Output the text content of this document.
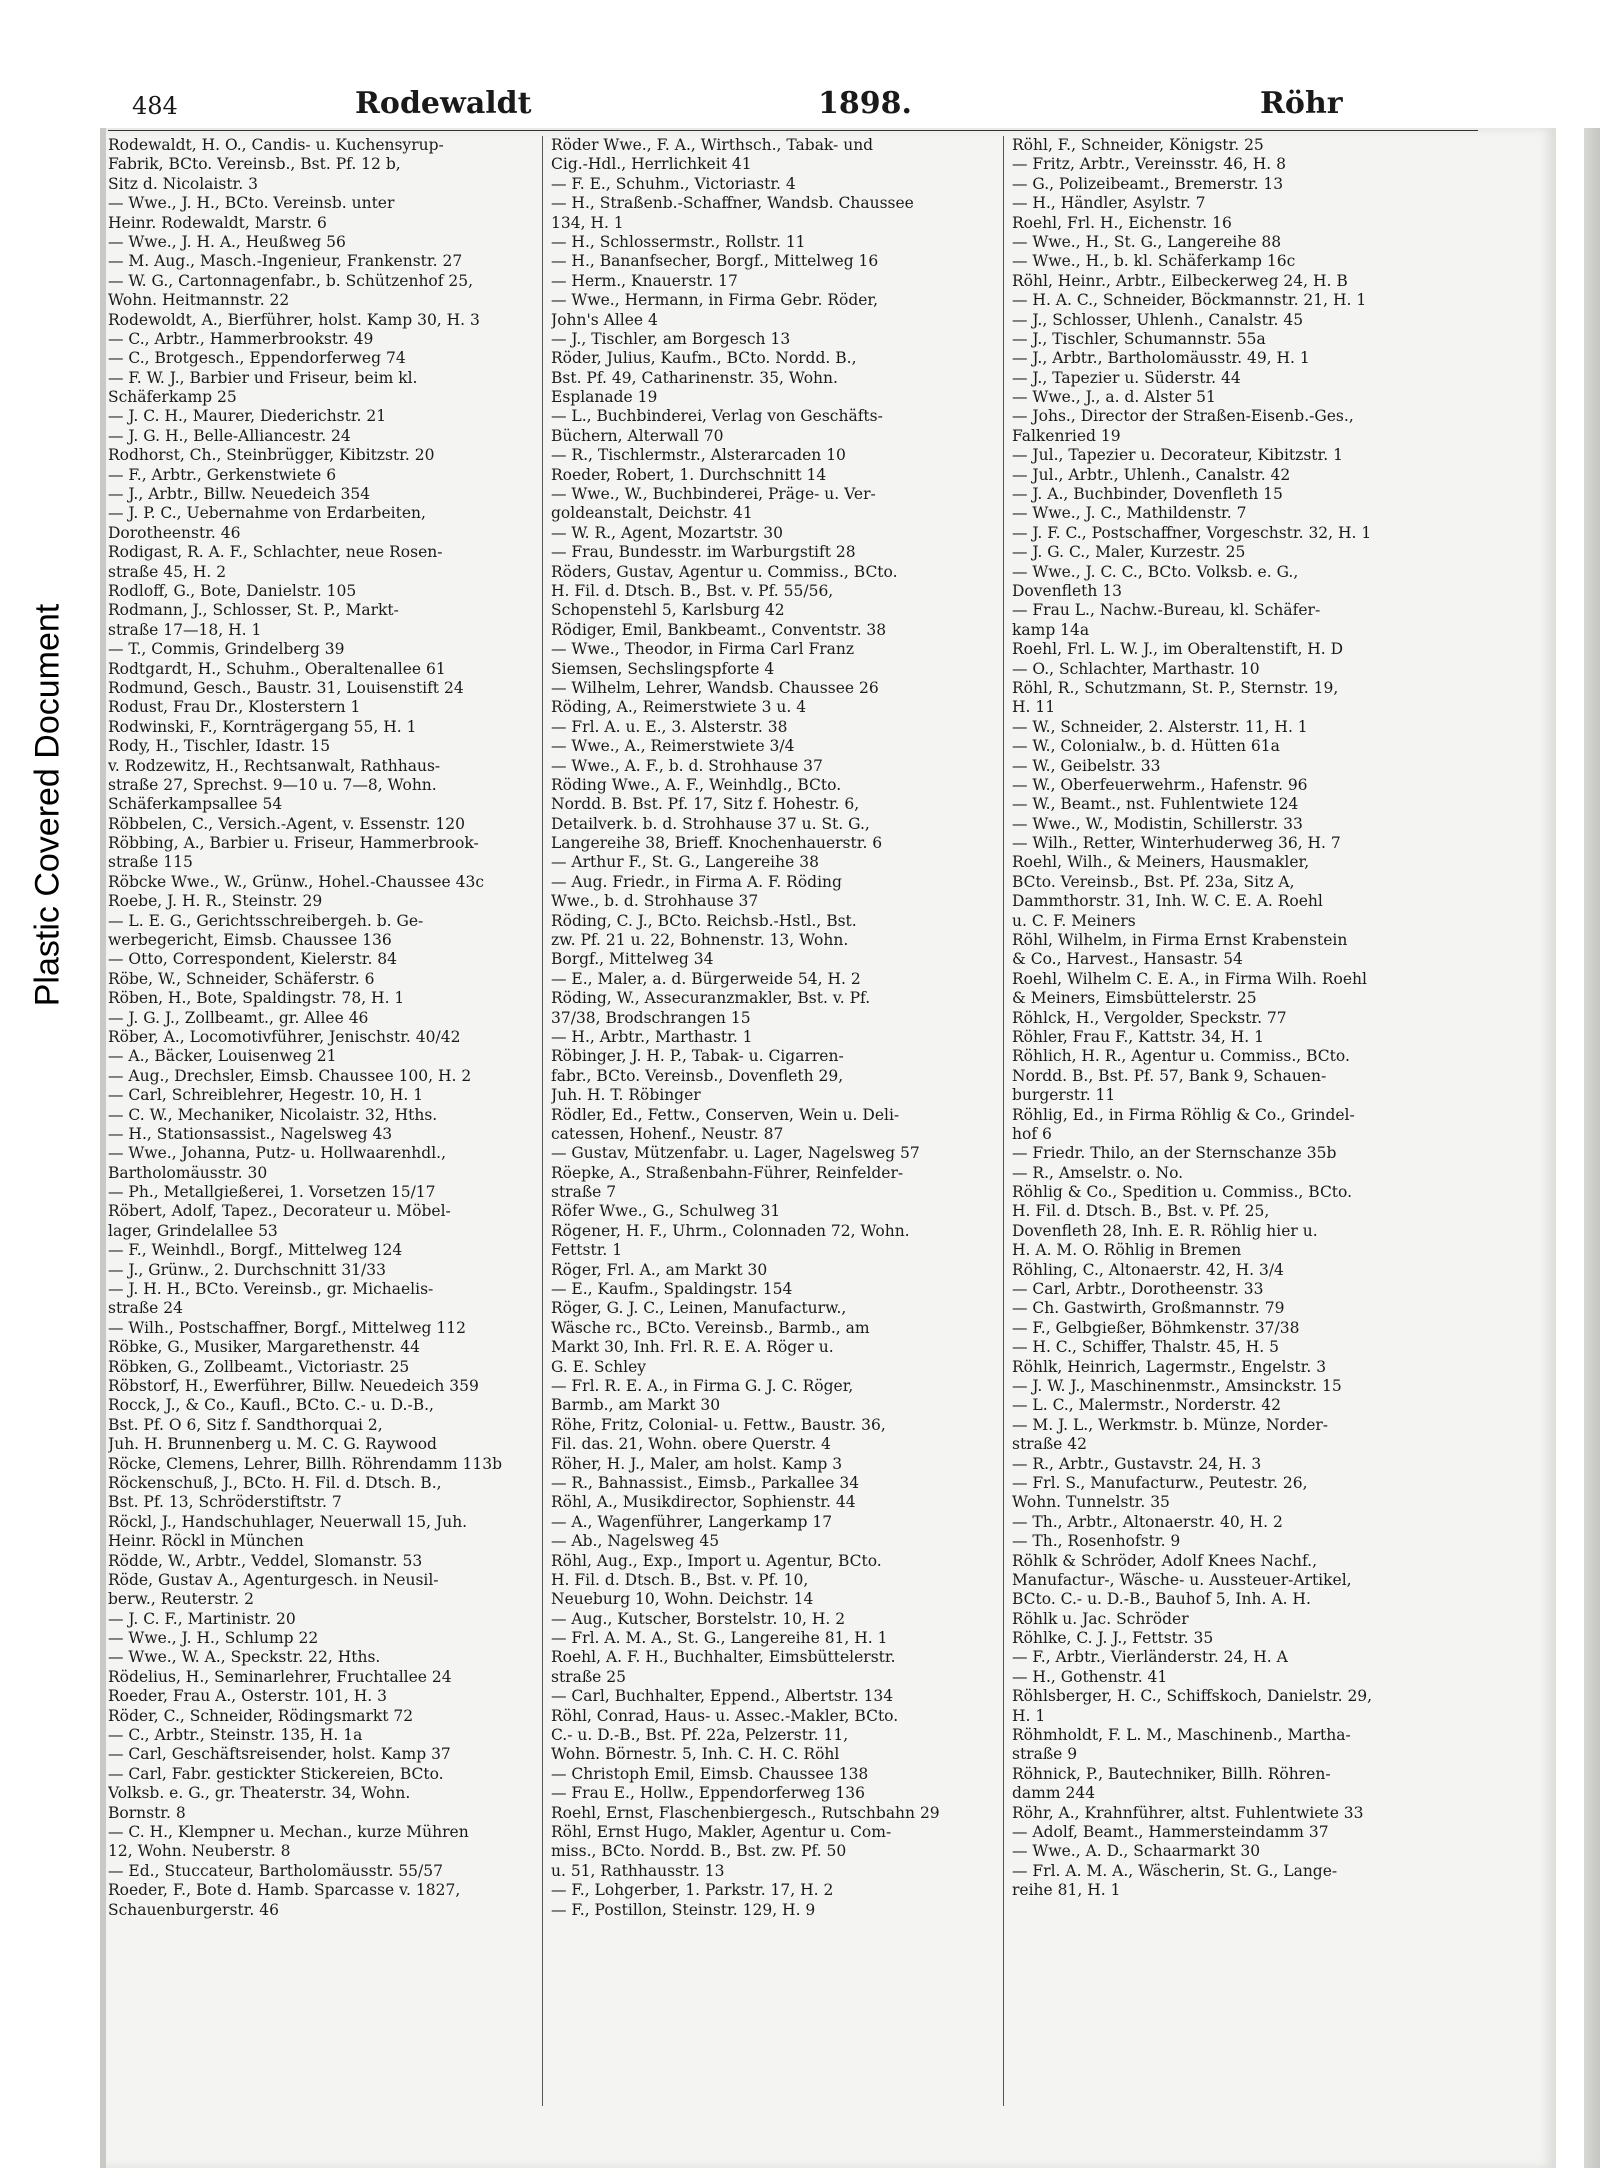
Plastic Covered Document
484	Rodewaldt	1898.	Röhr
Rodewaldt, H. O., Candis- u. Kuchensyrup-
Fabrik, BCto. Vereinsb., Bst. Pf. 12 b,
Sitz d. Nicolaistr. 3
— Wwe., J. H., BCto. Vereinsb. unter
Heinr. Rodewaldt, Marstr. 6
— Wwe., J. H. A., Heußweg 56
— M. Aug., Masch.-Ingenieur, Frankenstr. 27
— W. G., Cartonnagenfabr., b. Schützenhof 25,
Wohn. Heitmannstr. 22
Rodewoldt, A., Bierführer, holst. Kamp 30, H. 3
— C., Arbtr., Hammerbrookstr. 49
— C., Brotgesch., Eppendorferweg 74
— F. W. J., Barbier und Friseur, beim kl.
Schäferkamp 25
— J. C. H., Maurer, Diederichstr. 21
— J. G. H., Belle-Alliancestr. 24
Rodhorst, Ch., Steinbrügger, Kibitzstr. 20
— F., Arbtr., Gerkenstwiete 6
— J., Arbtr., Billw. Neuedeich 354
— J. P. C., Uebernahme von Erdarbeiten,
Dorotheenstr. 46
Rodigast, R. A. F., Schlachter, neue Rosen-
straße 45, H. 2
Rodloff, G., Bote, Danielstr. 105
Rodmann, J., Schlosser, St. P., Markt-
straße 17—18, H. 1
— T., Commis, Grindelberg 39
Rodtgardt, H., Schuhm., Oberaltenallee 61
Rodmund, Gesch., Baustr. 31, Louisenstift 24
Rodust, Frau Dr., Klosterstern 1
Rodwinski, F., Kornträgergang 55, H. 1
Rody, H., Tischler, Idastr. 15
v. Rodzewitz, H., Rechtsanwalt, Rathhaus-
straße 27, Sprechst. 9—10 u. 7—8, Wohn.
Schäferkampsallee 54
Röbbelen, C., Versich.-Agent, v. Essenstr. 120
Röbbing, A., Barbier u. Friseur, Hammerbrook-
straße 115
Röbcke Wwe., W., Grünw., Hohel.-Chaussee 43c
Roebe, J. H. R., Steinstr. 29
— L. E. G., Gerichtsschreibergeh. b. Ge-
werbegericht, Eimsb. Chaussee 136
— Otto, Correspondent, Kielerstr. 84
Röbe, W., Schneider, Schäferstr. 6
Röben, H., Bote, Spaldingstr. 78, H. 1
— J. G. J., Zollbeamt., gr. Allee 46
Röber, A., Locomotivführer, Jenischstr. 40/42
— A., Bäcker, Louisenweg 21
— Aug., Drechsler, Eimsb. Chaussee 100, H. 2
— Carl, Schreiblehrer, Hegestr. 10, H. 1
— C. W., Mechaniker, Nicolaistr. 32, Hths.
— H., Stationsassist., Nagelsweg 43
— Wwe., Johanna, Putz- u. Hollwaarenhdl.,
Bartholomäusstr. 30
— Ph., Metallgießerei, 1. Vorsetzen 15/17
Röbert, Adolf, Tapez., Decorateur u. Möbel-
lager, Grindelallee 53
— F., Weinhdl., Borgf., Mittelweg 124
— J., Grünw., 2. Durchschnitt 31/33
— J. H. H., BCto. Vereinsb., gr. Michaelis-
straße 24
— Wilh., Postschaffner, Borgf., Mittelweg 112
Röbke, G., Musiker, Margarethenstr. 44
Röbken, G., Zollbeamt., Victoriastr. 25
Röbstorf, H., Ewerführer, Billw. Neuedeich 359
Rocck, J., & Co., Kaufl., BCto. C.- u. D.-B.,
Bst. Pf. O 6, Sitz f. Sandthorquai 2,
Juh. H. Brunnenberg u. M. C. G. Raywood
Röcke, Clemens, Lehrer, Billh. Röhrendamm 113b
Röckenschuß, J., BCto. H. Fil. d. Dtsch. B.,
Bst. Pf. 13, Schröderstiftstr. 7
Röckl, J., Handschuhlager, Neuerwall 15, Juh.
Heinr. Röckl in München
Rödde, W., Arbtr., Veddel, Slomanstr. 53
Röde, Gustav A., Agenturgesch. in Neusil-
berw., Reuterstr. 2
— J. C. F., Martinistr. 20
— Wwe., J. H., Schlump 22
— Wwe., W. A., Speckstr. 22, Hths.
Rödelius, H., Seminarlehrer, Fruchtallee 24
Roeder, Frau A., Osterstr. 101, H. 3
Röder, C., Schneider, Rödingsmarkt 72
— C., Arbtr., Steinstr. 135, H. 1a
— Carl, Geschäftsreisender, holst. Kamp 37
— Carl, Fabr. gestickter Stickereien, BCto.
Volksb. e. G., gr. Theaterstr. 34, Wohn.
Bornstr. 8
— C. H., Klempner u. Mechan., kurze Mühren
12, Wohn. Neuberstr. 8
— Ed., Stuccateur, Bartholomäusstr. 55/57
Roeder, F., Bote d. Hamb. Sparcasse v. 1827,
Schauenburgerstr. 46
Röder Wwe., F. A., Wirthsch., Tabak- und
Cig.-Hdl., Herrlichkeit 41
— F. E., Schuhm., Victoriastr. 4
— H., Straßenb.-Schaffner, Wandsb. Chaussee
134, H. 1
— H., Schlossermstr., Rollstr. 11
— H., Bananfsecher, Borgf., Mittelweg 16
— Herm., Knauerstr. 17
— Wwe., Hermann, in Firma Gebr. Röder,
John's Allee 4
— J., Tischler, am Borgesch 13
Röder, Julius, Kaufm., BCto. Nordd. B.,
Bst. Pf. 49, Catharinenstr. 35, Wohn.
Esplanade 19
— L., Buchbinderei, Verlag von Geschäfts-
Büchern, Alterwall 70
— R., Tischlermstr., Alsterarcaden 10
Roeder, Robert, 1. Durchschnitt 14
— Wwe., W., Buchbinderei, Präge- u. Ver-
goldeanstalt, Deichstr. 41
— W. R., Agent, Mozartstr. 30
— Frau, Bundesstr. im Warburgstift 28
Röders, Gustav, Agentur u. Commiss., BCto.
H. Fil. d. Dtsch. B., Bst. v. Pf. 55/56,
Schopenstehl 5, Karlsburg 42
Rödiger, Emil, Bankbeamt., Conventstr. 38
— Wwe., Theodor, in Firma Carl Franz
Siemsen, Sechslingspforte 4
— Wilhelm, Lehrer, Wandsb. Chaussee 26
Röding, A., Reimerstwiete 3 u. 4
— Frl. A. u. E., 3. Alsterstr. 38
— Wwe., A., Reimerstwiete 3/4
— Wwe., A. F., b. d. Strohhause 37
Röding Wwe., A. F., Weinhdlg., BCto.
Nordd. B. Bst. Pf. 17, Sitz f. Hohestr. 6,
Detailverk. b. d. Strohhause 37 u. St. G.,
Langereihe 38, Brieff. Knochenhauerstr. 6
— Arthur F., St. G., Langereihe 38
— Aug. Friedr., in Firma A. F. Röding
Wwe., b. d. Strohhause 37
Röding, C. J., BCto. Reichsb.-Hstl., Bst.
zw. Pf. 21 u. 22, Bohnenstr. 13, Wohn.
Borgf., Mittelweg 34
— E., Maler, a. d. Bürgerweide 54, H. 2
Röding, W., Assecuranzmakler, Bst. v. Pf.
37/38, Brodschrangen 15
— H., Arbtr., Marthastr. 1
Röbinger, J. H. P., Tabak- u. Cigarren-
fabr., BCto. Vereinsb., Dovenfleth 29,
Juh. H. T. Röbinger
Rödler, Ed., Fettw., Conserven, Wein u. Deli-
catessen, Hohenf., Neustr. 87
— Gustav, Mützenfabr. u. Lager, Nagelsweg 57
Röepke, A., Straßenbahn-Führer, Reinfelder-
straße 7
Röfer Wwe., G., Schulweg 31
Rögener, H. F., Uhrm., Colonnaden 72, Wohn.
Fettstr. 1
Röger, Frl. A., am Markt 30
— E., Kaufm., Spaldingstr. 154
Röger, G. J. C., Leinen, Manufacturw.,
Wäsche rc., BCto. Vereinsb., Barmb., am
Markt 30, Inh. Frl. R. E. A. Röger u.
G. E. Schley
— Frl. R. E. A., in Firma G. J. C. Röger,
Barmb., am Markt 30
Röhe, Fritz, Colonial- u. Fettw., Baustr. 36,
Fil. das. 21, Wohn. obere Querstr. 4
Röher, H. J., Maler, am holst. Kamp 3
— R., Bahnassist., Eimsb., Parkallee 34
Röhl, A., Musikdirector, Sophienstr. 44
— A., Wagenführer, Langerkamp 17
— Ab., Nagelsweg 45
Röhl, Aug., Exp., Import u. Agentur, BCto.
H. Fil. d. Dtsch. B., Bst. v. Pf. 10,
Neueburg 10, Wohn. Deichstr. 14
— Aug., Kutscher, Borstelstr. 10, H. 2
— Frl. A. M. A., St. G., Langereihe 81, H. 1
Roehl, A. F. H., Buchhalter, Eimsbüttelerstr.
straße 25
— Carl, Buchhalter, Eppend., Albertstr. 134
Röhl, Conrad, Haus- u. Assec.-Makler, BCto.
C.- u. D.-B., Bst. Pf. 22a, Pelzerstr. 11,
Wohn. Börnestr. 5, Inh. C. H. C. Röhl
— Christoph Emil, Eimsb. Chaussee 138
— Frau E., Hollw., Eppendorferweg 136
Roehl, Ernst, Flaschenbiergesch., Rutschbahn 29
Röhl, Ernst Hugo, Makler, Agentur u. Com-
miss., BCto. Nordd. B., Bst. zw. Pf. 50
u. 51, Rathhausstr. 13
— F., Lohgerber, 1. Parkstr. 17, H. 2
— F., Postillon, Steinstr. 129, H. 9
Röhl, F., Schneider, Königstr. 25
— Fritz, Arbtr., Vereinsstr. 46, H. 8
— G., Polizeibeamt., Bremerstr. 13
— H., Händler, Asylstr. 7
Roehl, Frl. H., Eichenstr. 16
— Wwe., H., St. G., Langereihe 88
— Wwe., H., b. kl. Schäferkamp 16c
Röhl, Heinr., Arbtr., Eilbeckerweg 24, H. B
— H. A. C., Schneider, Böckmannstr. 21, H. 1
— J., Schlosser, Uhlenh., Canalstr. 45
— J., Tischler, Schumannstr. 55a
— J., Arbtr., Bartholomäusstr. 49, H. 1
— J., Tapezier u. Süderstr. 44
— Wwe., J., a. d. Alster 51
— Johs., Director der Straßen-Eisenb.-Ges.,
Falkenried 19
— Jul., Tapezier u. Decorateur, Kibitzstr. 1
— Jul., Arbtr., Uhlenh., Canalstr. 42
— J. A., Buchbinder, Dovenfleth 15
— Wwe., J. C., Mathildenstr. 7
— J. F. C., Postschaffner, Vorgeschstr. 32, H. 1
— J. G. C., Maler, Kurzestr. 25
— Wwe., J. C. C., BCto. Volksb. e. G.,
Dovenfleth 13
— Frau L., Nachw.-Bureau, kl. Schäfer-
kamp 14a
Roehl, Frl. L. W. J., im Oberaltenstift, H. D
— O., Schlachter, Marthastr. 10
Röhl, R., Schutzmann, St. P., Sternstr. 19,
H. 11
— W., Schneider, 2. Alsterstr. 11, H. 1
— W., Colonialw., b. d. Hütten 61a
— W., Geibelstr. 33
— W., Oberfeuerwehrm., Hafenstr. 96
— W., Beamt., nst. Fuhlentwiete 124
— Wwe., W., Modistin, Schillerstr. 33
— Wilh., Retter, Winterhuderweg 36, H. 7
Roehl, Wilh., & Meiners, Hausmakler,
BCto. Vereinsb., Bst. Pf. 23a, Sitz A,
Dammthorstr. 31, Inh. W. C. E. A. Roehl
u. C. F. Meiners
Röhl, Wilhelm, in Firma Ernst Krabenstein
& Co., Harvest., Hansastr. 54
Roehl, Wilhelm C. E. A., in Firma Wilh. Roehl
& Meiners, Eimsbüttelerstr. 25
Röhlck, H., Vergolder, Speckstr. 77
Röhler, Frau F., Kattstr. 34, H. 1
Röhlich, H. R., Agentur u. Commiss., BCto.
Nordd. B., Bst. Pf. 57, Bank 9, Schauen-
burgerstr. 11
Röhlig, Ed., in Firma Röhlig & Co., Grindel-
hof 6
— Friedr. Thilo, an der Sternschanze 35b
— R., Amselstr. o. No.
Röhlig & Co., Spedition u. Commiss., BCto.
H. Fil. d. Dtsch. B., Bst. v. Pf. 25,
Dovenfleth 28, Inh. E. R. Röhlig hier u.
H. A. M. O. Röhlig in Bremen
Röhling, C., Altonaerstr. 42, H. 3/4
— Carl, Arbtr., Dorotheenstr. 33
— Ch. Gastwirth, Großmannstr. 79
— F., Gelbgießer, Böhmkenstr. 37/38
— H. C., Schiffer, Thalstr. 45, H. 5
Röhlk, Heinrich, Lagermstr., Engelstr. 3
— J. W. J., Maschinenmstr., Amsinckstr. 15
— L. C., Malermstr., Norderstr. 42
— M. J. L., Werkmstr. b. Münze, Norder-
straße 42
— R., Arbtr., Gustavstr. 24, H. 3
— Frl. S., Manufacturw., Peutestr. 26,
Wohn. Tunnelstr. 35
— Th., Arbtr., Altonaerstr. 40, H. 2
— Th., Rosenhofstr. 9
Röhlk & Schröder, Adolf Knees Nachf.,
Manufactur-, Wäsche- u. Aussteuer-Artikel,
BCto. C.- u. D.-B., Bauhof 5, Inh. A. H.
Röhlk u. Jac. Schröder
Röhlke, C. J. J., Fettstr. 35
— F., Arbtr., Vierländerstr. 24, H. A
— H., Gothenstr. 41
Röhlsberger, H. C., Schiffskoch, Danielstr. 29,
H. 1
Röhmholdt, F. L. M., Maschinenb., Martha-
straße 9
Röhnick, P., Bautechniker, Billh. Röhren-
damm 244
Röhr, A., Krahnführer, altst. Fuhlentwiete 33
— Adolf, Beamt., Hammersteindamm 37
— Wwe., A. D., Schaarmarkt 30
— Frl. A. M. A., Wäscherin, St. G., Lange-
reihe 81, H. 1
